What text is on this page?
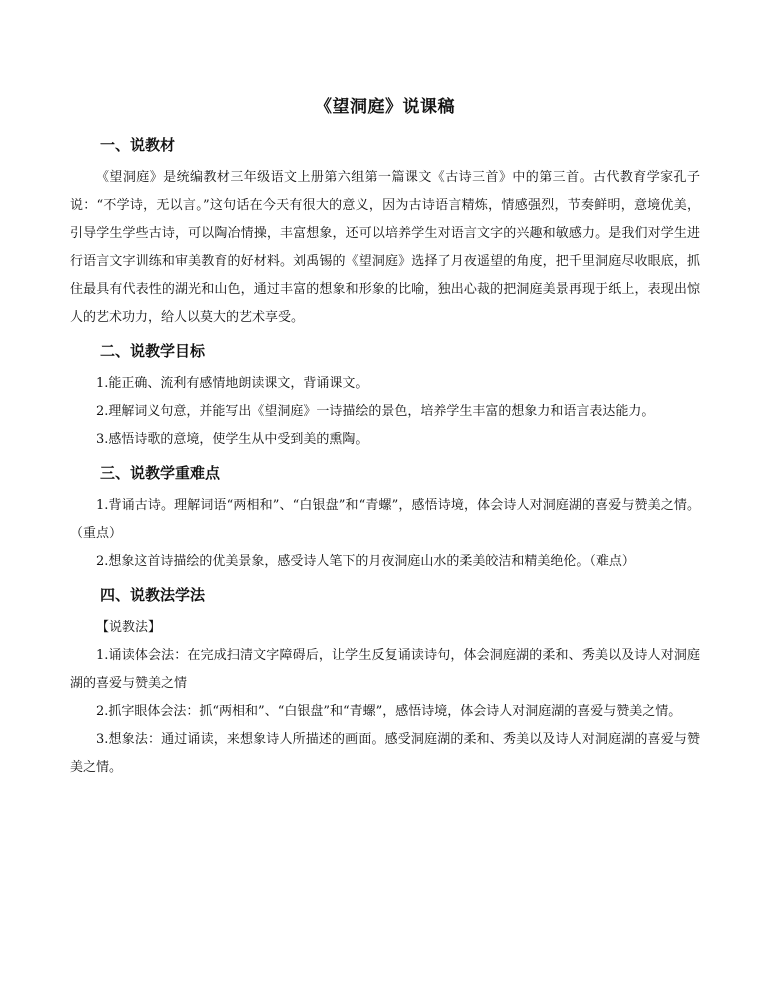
《望洞庭》说课稿
一、说教材

《望洞庭》是统编教材三年级语文上册第六组第一篇课文《古诗三首》中的第三首。古代教育学家孔子说：“不学诗，无以言。”这句话在今天有很大的意义，因为古诗语言精炼，情感强烈，节奏鲜明，意境优美，引导学生学些古诗，可以陶冶情操，丰富想象，还可以培养学生对语言文字的兴趣和敏感力。是我们对学生进行语言文字训练和审美教育的好材料。刘禹锡的《望洞庭》选择了月夜遥望的角度，把千里洞庭尽收眼底，抓住最具有代表性的湖光和山色，通过丰富的想象和形象的比喻，独出心裁的把洞庭美景再现于纸上，表现出惊人的艺术功力，给人以莫大的艺术享受。

二、说教学目标

1.能正确、流利有感情地朗读课文，背诵课文。

2.理解词义句意，并能写出《望洞庭》一诗描绘的景色，培养学生丰富的想象力和语言表达能力。

3.感悟诗歌的意境，使学生从中受到美的熏陶。

三、说教学重难点

1.背诵古诗。理解词语“两相和”、“白银盘”和“青螺”，感悟诗境，体会诗人对洞庭湖的喜爱与赞美之情。（重点）

2.想象这首诗描绘的优美景象，感受诗人笔下的月夜洞庭山水的柔美皎洁和精美绝伦。（难点）

四、说教法学法

【说教法】

1.诵读体会法：在完成扫清文字障碍后，让学生反复诵读诗句，体会洞庭湖的柔和、秀美以及诗人对洞庭湖的喜爱与赞美之情

2.抓字眼体会法：抓“两相和”、“白银盘”和“青螺”，感悟诗境，体会诗人对洞庭湖的喜爱与赞美之情。

3.想象法：通过诵读，来想象诗人所描述的画面。感受洞庭湖的柔和、秀美以及诗人对洞庭湖的喜爱与赞美之情。
